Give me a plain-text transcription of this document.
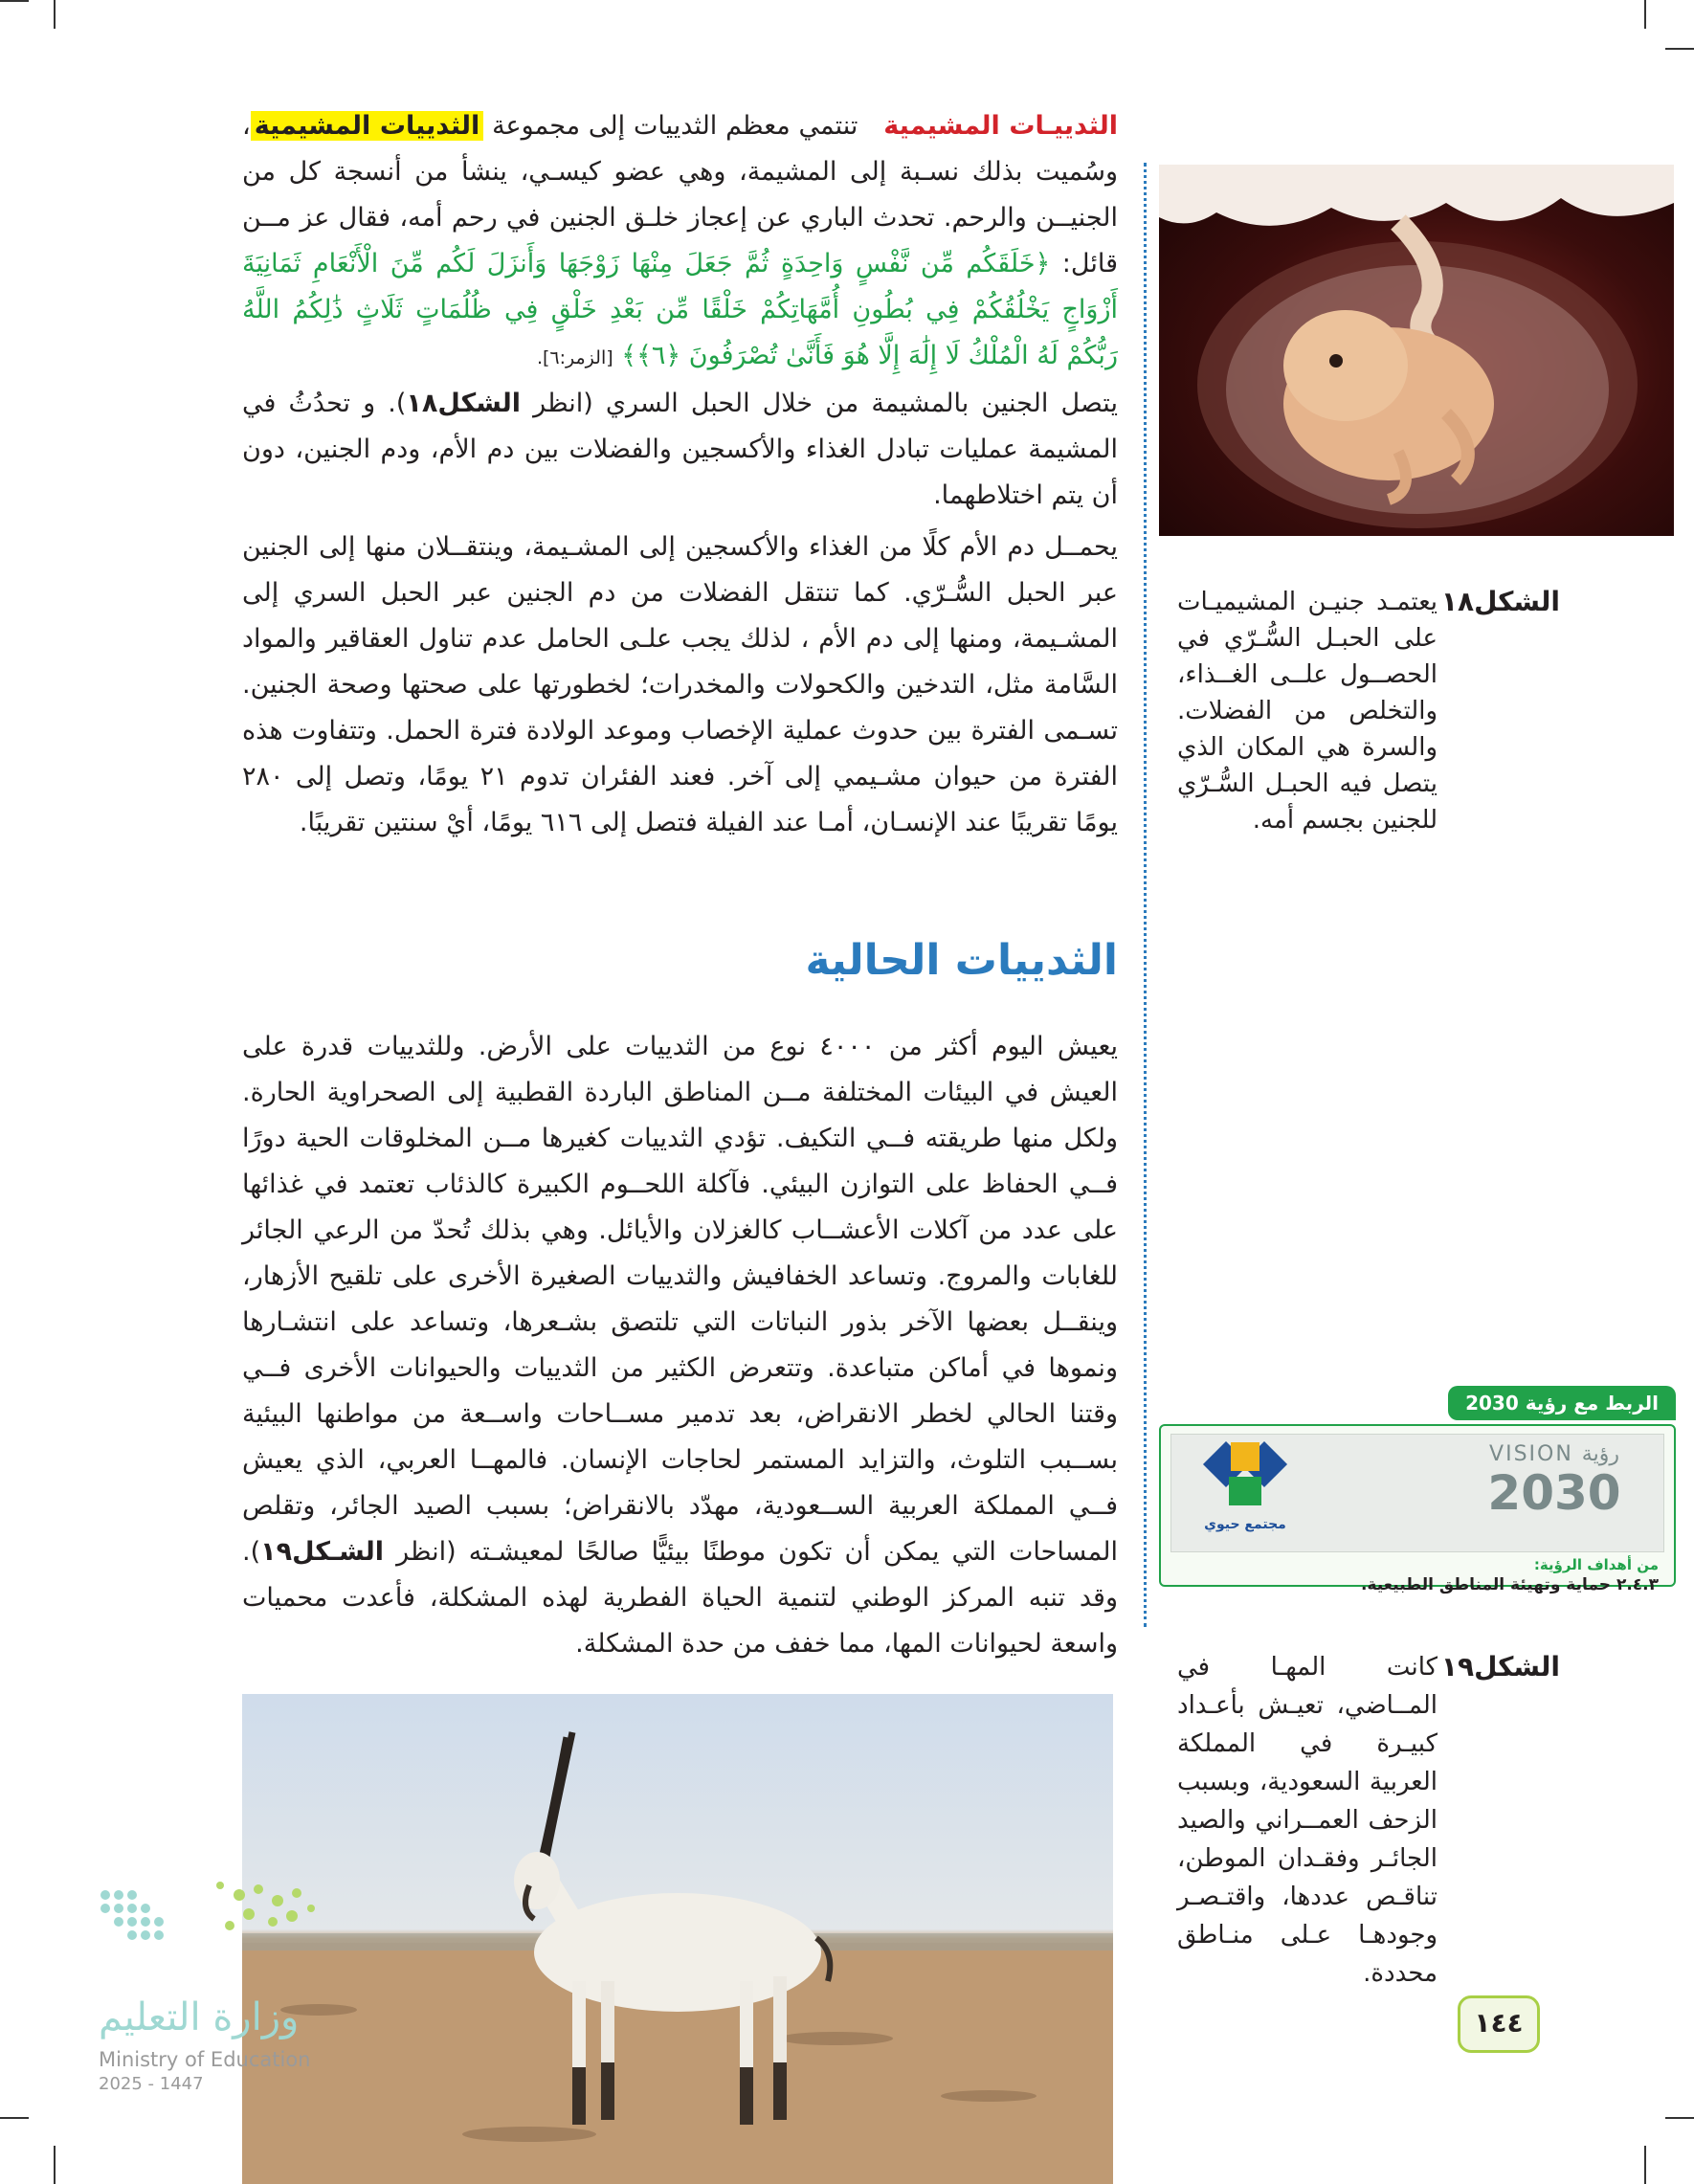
الثدييـات المشيمية تنتمي معظم الثدييات إلى مجموعة الثدييات المشيمية، وسُميت بذلك نسـبة إلى المشيمة، وهي عضو كيسـي، ينشأ من أنسجة كل من الجنيــن والرحم. تحدث الباري عن إعجاز خلـق الجنين في رحم أمه، فقال عز مــن قائل: ﴿خَلَقَكُم مِّن نَّفْسٍ وَاحِدَةٍ ثُمَّ جَعَلَ مِنْهَا زَوْجَهَا وَأَنزَلَ لَكُم مِّنَ الْأَنْعَامِ ثَمَانِيَةَ أَزْوَاجٍ يَخْلُقُكُمْ فِي بُطُونِ أُمَّهَاتِكُمْ خَلْقًا مِّن بَعْدِ خَلْقٍ فِي ظُلُمَاتٍ ثَلَاثٍ ذَٰلِكُمُ اللَّهُ رَبُّكُمْ لَهُ الْمُلْكُ لَا إِلَٰهَ إِلَّا هُوَ فَأَنَّىٰ تُصْرَفُونَ ﴿٦﴾﴾ [الزمر:٦].

يتصل الجنين بالمشيمة من خلال الحبل السري (انظر الشكل١٨). و تحدُثُ في المشيمة عمليات تبادل الغذاء والأكسجين والفضلات بين دم الأم، ودم الجنين، دون أن يتم اختلاطهما.

يحمــل دم الأم كلًا من الغذاء والأكسجين إلى المشـيمة، وينتقــلان منها إلى الجنين عبر الحبل السُّـرّي. كما تنتقل الفضلات من دم الجنين عبر الحبل السري إلى المشـيمة، ومنها إلى دم الأم ، لذلك يجب علـى الحامل عدم تناول العقاقير والمواد السَّامة مثل، التدخين والكحولات والمخدرات؛ لخطورتها على صحتها وصحة الجنين. تسـمى الفترة بين حدوث عملية الإخصاب وموعد الولادة فترة الحمل. وتتفاوت هذه الفترة من حيوان مشـيمي إلى آخر. فعند الفئران تدوم ٢١ يومًا، وتصل إلى ٢٨٠ يومًا تقريبًا عند الإنسـان، أمـا عند الفيلة فتصل إلى ٦١٦ يومًا، أيْ سنتين تقريبًا.

الثدييات الحالية
يعيش اليوم أكثر من ٤٠٠٠ نوع من الثدييات على الأرض. وللثدييات قدرة على العيش في البيئات المختلفة مــن المناطق الباردة القطبية إلى الصحراوية الحارة. ولكل منها طريقته فــي التكيف. تؤدي الثدييات كغيرها مــن المخلوقات الحية دورًا فــي الحفاظ على التوازن البيئي. فآكلة اللحــوم الكبيرة كالذئاب تعتمد في غذائها على عدد من آكلات الأعشــاب كالغزلان والأيائل. وهي بذلك تُحدّ من الرعي الجائر للغابات والمروج. وتساعد الخفافيش والثدييات الصغيرة الأخرى على تلقيح الأزهار، وينقــل بعضها الآخر بذور النباتات التي تلتصق بشـعرها، وتساعد على انتشـارها ونموها في أماكن متباعدة. وتتعرض الكثير من الثدييات والحيوانات الأخرى فــي وقتنا الحالي لخطر الانقراض، بعد تدمير مســاحات واســعة من مواطنها البيئية بســبب التلوث، والتزايد المستمر لحاجات الإنسان. فالمهــا العربي، الذي يعيش فــي المملكة العربية الســعودية، مهدّد بالانقراض؛ بسبب الصيد الجائر، وتقلص المساحات التي يمكن أن تكون موطنًا بيئيًّا صالحًا لمعيشـته (انظر الشـكل١٩). وقد تنبه المركز الوطني لتنمية الحياة الفطرية لهذه المشكلة، فأعدت محميات واسعة لحيوانات المها، مما خفف من حدة المشكلة.
الشكل١٨
يعتمـد جنيـن المشيميـات على الحبـل السُّـرّي في الحصــول علــى الغــذاء، والتخلص من الفضلات. والسرة هي المكان الذي يتصل فيه الحبـل السُّـرّي للجنين بجسم أمه.
VISION رؤية
2030
مجتمع حيوي
من أهداف الرؤية:
٢.٤.٣ حماية وتهيئة المناطق الطبيعية.
الربط مع رؤية 2030
الشكل١٩
كانت المهـا في المــاضي، تعيـش بأعـداد كبيـرة في المملكة العربية السعودية، وبسبب الزحف العمــراني والصيد الجائـر وفقـدان الموطن، تناقـص عددها، واقتـصـر وجودهـا عـلى منـاطق محددة.
١٤٤
وزارة التعليم
Ministry of Education
2025 - 1447
